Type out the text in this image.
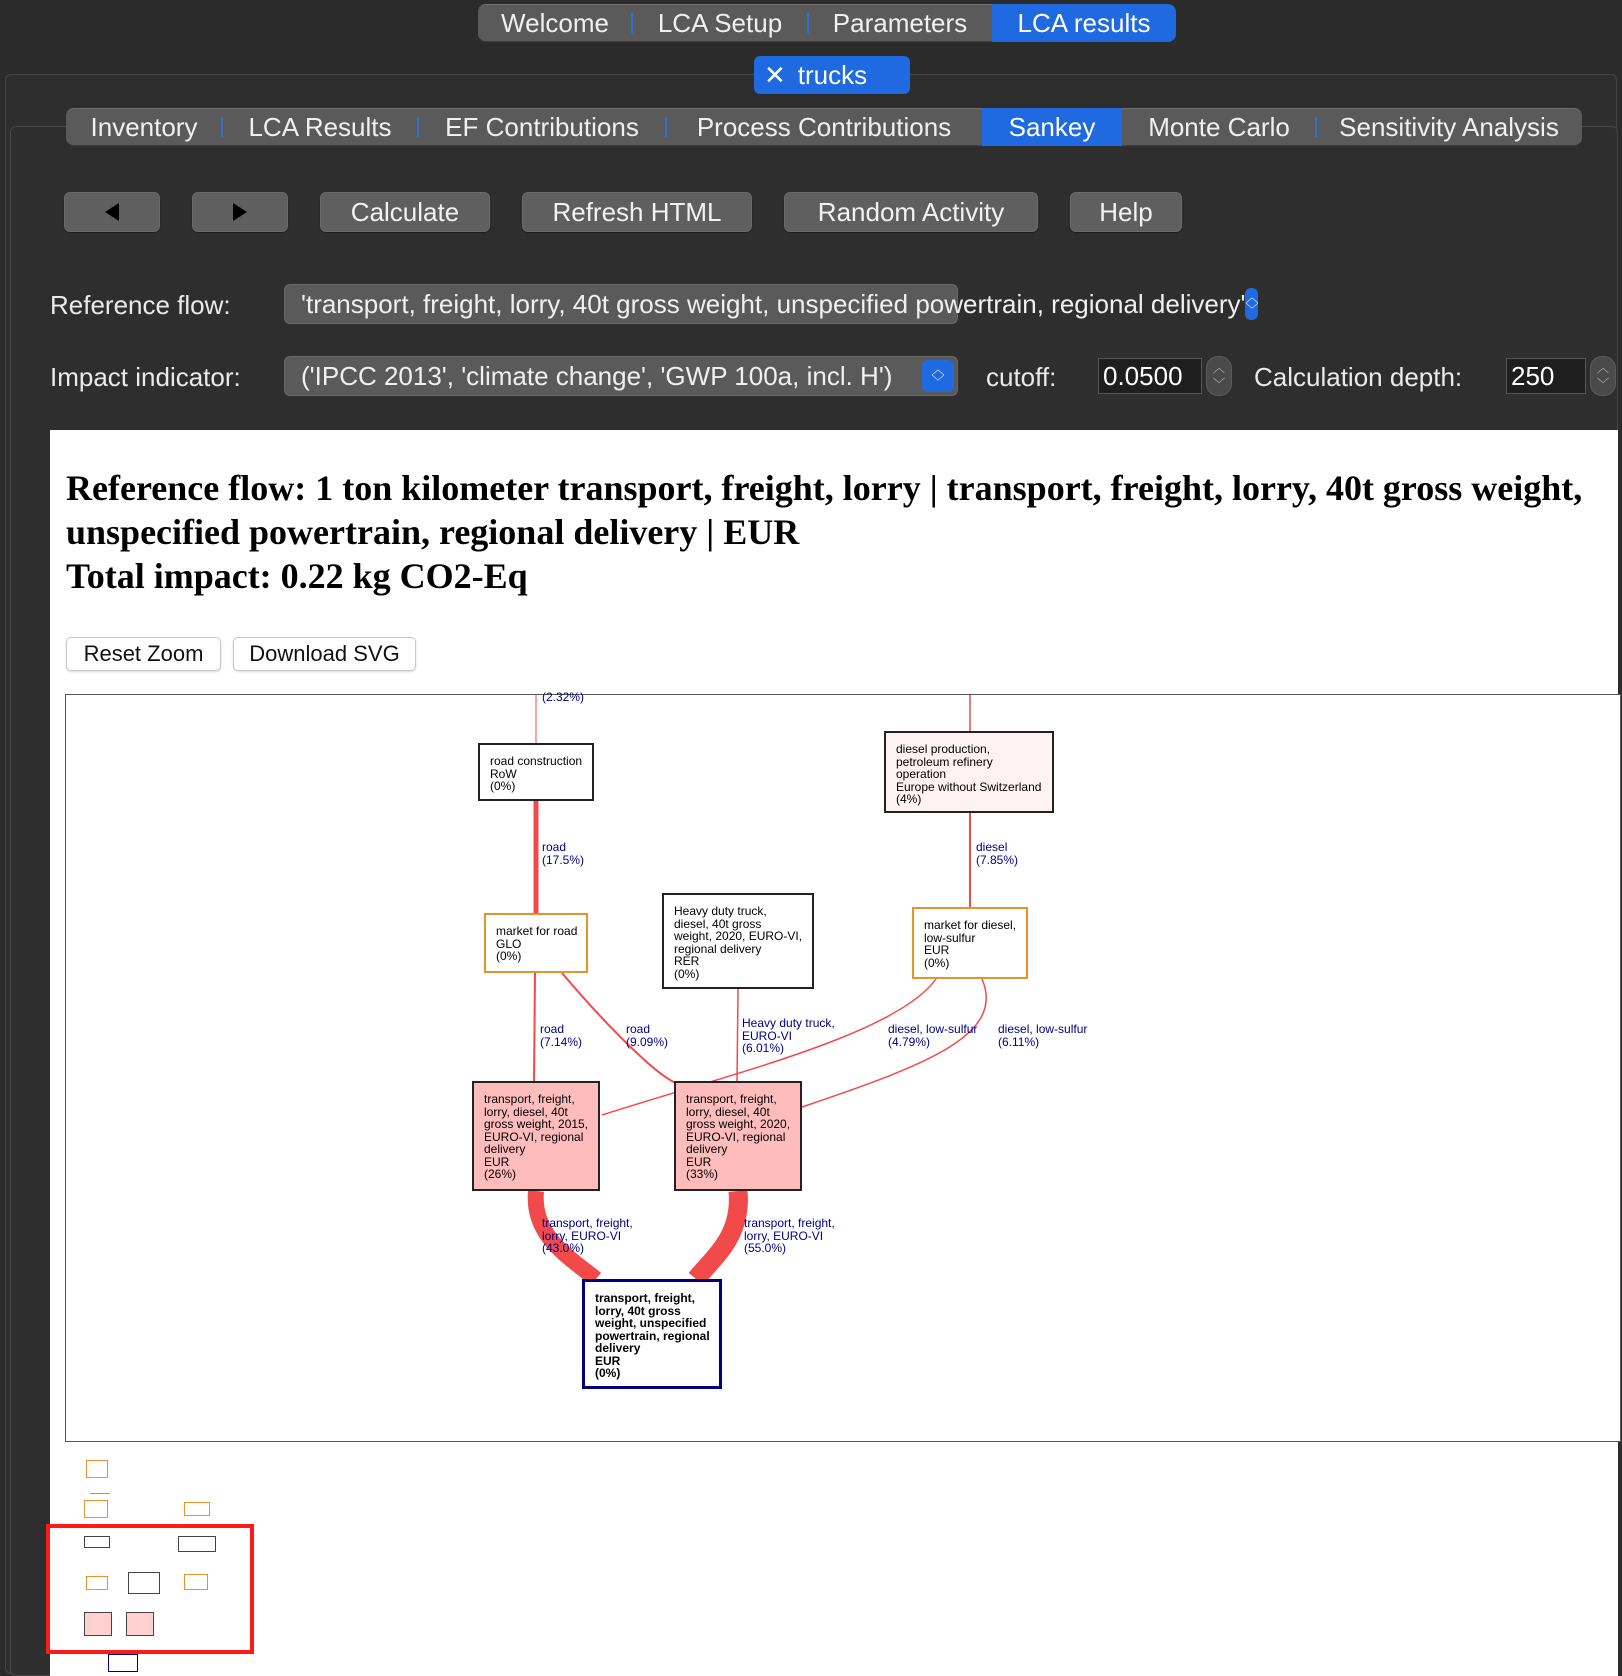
Welcome	LCA Setup	Parameters	LCA results
✕ trucks
Inventory	LCA Results	EF Contributions	Process Contributions	Sankey	Monte Carlo	Sensitivity Analysis
Calculate	Refresh HTML	Random Activity	Help
Reference flow:	'transport, freight, lorry, 40t gross weight, unspecified powertrain, regional delivery' ︿
﹀
Impact indicator: ('IPCC 2013', 'climate change', 'GWP 100a, incl. H')	︿
﹀ cutoff: 0.0500	︿
﹀ Calculation depth: 250	︿
﹀
Reference flow: 1 ton kilometer transport, freight, lorry | transport, freight, lorry, 40t gross weight, unspecified powertrain, regional delivery | EUR
Total impact: 0.22 kg CO2-Eq
Reset Zoom	Download SVG
(2.32%)
road
(17.5%)
diesel
(7.85%)
road
(7.14%)
road
(9.09%)
Heavy duty truck,
EURO-VI
(6.01%)
diesel, low-sulfur
(4.79%)
diesel, low-sulfur
(6.11%)
transport, freight,
lorry, EURO-VI
(43.0%)
transport, freight,
lorry, EURO-VI
(55.0%)
road construction
RoW
(0%)
diesel production,
petroleum refinery
operation
Europe without Switzerland
(4%)
market for road
GLO
(0%)
Heavy duty truck,
diesel, 40t gross
weight, 2020, EURO-VI,
regional delivery
RER
(0%)
market for diesel,
low-sulfur
EUR
(0%)
transport, freight,
lorry, diesel, 40t
gross weight, 2015,
EURO-VI, regional
delivery
EUR
(26%)
transport, freight,
lorry, diesel, 40t
gross weight, 2020,
EURO-VI, regional
delivery
EUR
(33%)
transport, freight,
lorry, 40t gross
weight, unspecified
powertrain, regional
delivery
EUR
(0%)
